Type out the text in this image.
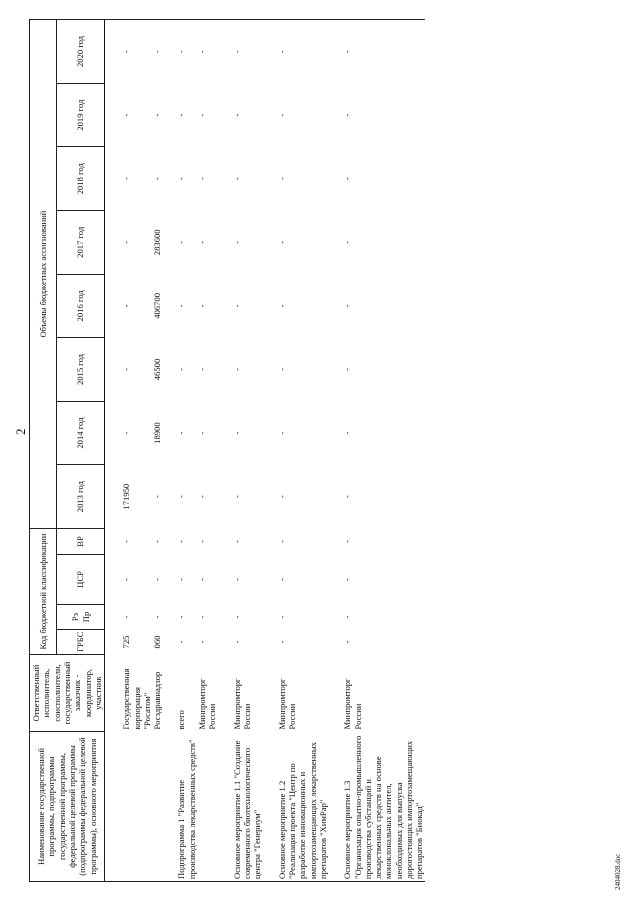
2
Наименование государственной программы, подпрограммы государственной программы, федеральной целевой программы (подпрограммы федеральной целевой программы), основного мероприятия	Ответственный исполнитель, соисполнители, государственный заказчик - координатор, участник	Код бюджетной классификации				Объемы бюджетных ассигнований							
		ГРБС	Рз Пр	ЦСР	ВР	2013 год	2014 год	2015 год	2016 год	2017 год	2018 год	2019 год	2020 год

	Государственная корпорация "Росатом"	725	-	-	-	171950	-	-	-	-	-	-	-
	Росздравнадзор	060	-	-	-	-	18900	46500	406700	283600	-	-	-

Подпрограмма 1 "Развитие производства лекарственных средств"	всего	-	-	-	-	-	-	-	-	-	-	-	-
	Минпромторг России	-	-	-	-	-	-	-	-	-	-	-	-

Основное мероприятие 1.1 "Создание современного биотехнологического центра "Генериум"	Минпромторг России	-	-	-	-	-	-	-	-	-	-	-	-

Основное мероприятие 1.2 "Реализация проекта "Центр по разработке инновационных и импортозамещающих лекарственных препаратов "ХимРар"	Минпромторг России	-	-	-	-	-	-	-	-	-	-	-	-

Основное мероприятие 1.3 "Организация опытно-промышленного производства субстанций и лекарственных средств на основе моноклональных антител, необходимых для выпуска дорогостоящих импортозамещающих препаратов "Биокад"	Минпромторг России	-	-	-	-	-	-	-	-	-	-	-	-
2404028.doc
